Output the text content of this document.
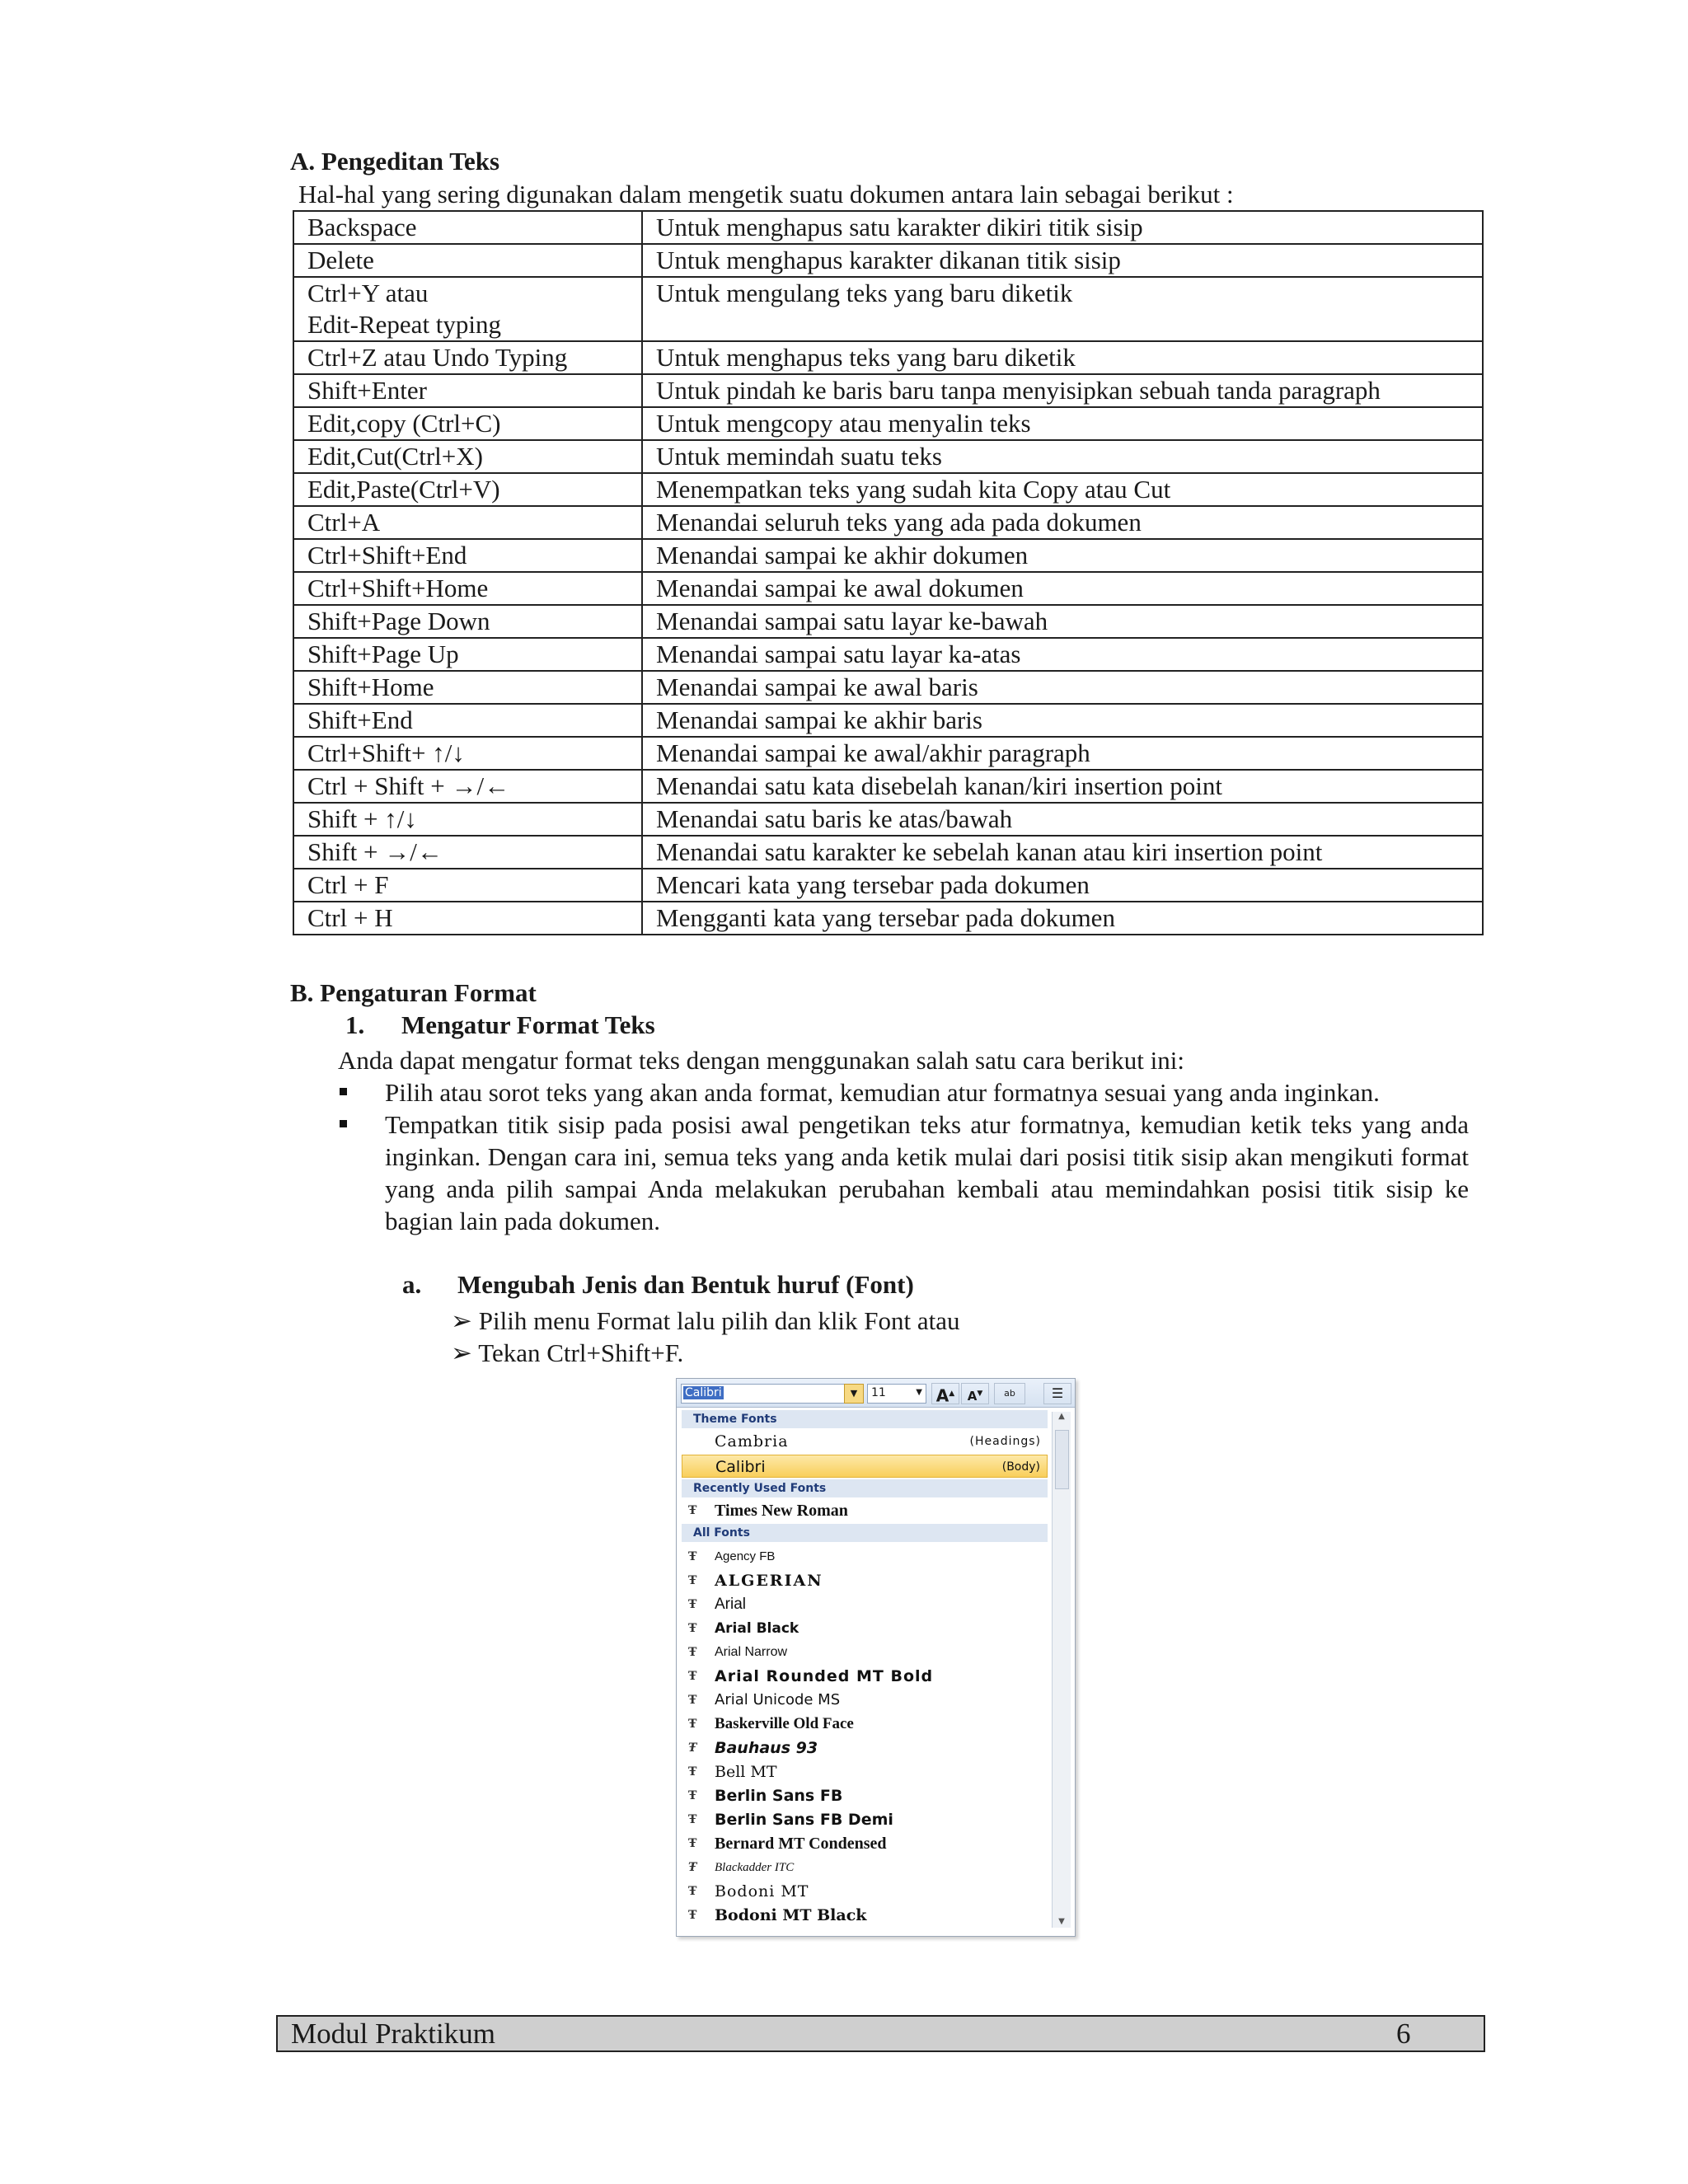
A. Pengeditan Teks
Hal-hal yang sering digunakan dalam mengetik suatu dokumen antara lain sebagai berikut :
Backspace	Untuk menghapus satu karakter dikiri titik sisip

Delete	Untuk menghapus karakter dikanan titik sisip

Ctrl+Y atau
Edit-Repeat typing	Untuk mengulang teks yang baru diketik

Ctrl+Z atau Undo Typing	Untuk menghapus teks yang baru diketik

Shift+Enter	Untuk pindah ke baris baru tanpa menyisipkan sebuah tanda paragraph

Edit,copy (Ctrl+C)	Untuk mengcopy atau menyalin teks

Edit,Cut(Ctrl+X)	Untuk memindah suatu teks

Edit,Paste(Ctrl+V)	Menempatkan teks yang sudah kita Copy atau Cut

Ctrl+A	Menandai seluruh teks yang ada pada dokumen

Ctrl+Shift+End	Menandai sampai ke akhir dokumen

Ctrl+Shift+Home	Menandai sampai ke awal dokumen

Shift+Page Down	Menandai sampai satu layar ke-bawah

Shift+Page Up	Menandai sampai satu layar ka-atas

Shift+Home	Menandai sampai ke awal baris

Shift+End	Menandai sampai ke akhir baris

Ctrl+Shift+ ↑/↓	Menandai sampai ke awal/akhir paragraph

Ctrl + Shift + →/←	Menandai satu kata disebelah kanan/kiri insertion point

Shift + ↑/↓	Menandai satu baris ke atas/bawah

Shift + →/←	Menandai satu karakter ke sebelah kanan atau kiri insertion point

Ctrl + F	Mencari kata yang tersebar pada dokumen

Ctrl + H	Mengganti kata yang tersebar pada dokumen
B. Pengaturan Format
1. Mengatur Format Teks
Anda dapat mengatur format teks dengan menggunakan salah satu cara berikut ini:
Pilih atau sorot teks yang akan anda format, kemudian atur formatnya sesuai yang anda inginkan.
Tempatkan titik sisip pada posisi awal pengetikan teks atur formatnya, kemudian ketik teks yang anda inginkan. Dengan cara ini, semua teks yang anda ketik mulai dari posisi titik sisip akan mengikuti format yang anda pilih sampai Anda melakukan perubahan kembali atau memindahkan posisi titik sisip ke bagian lain pada dokumen.
a. Mengubah Jenis dan Bentuk huruf (Font)
➢ Pilih menu Format lalu pilih dan klik Font atau
➢ Tekan Ctrl+Shift+F.
Calibri	▼	11	▼ A▲	A▼	ab	☰
Theme Fonts
Cambria	(Headings)
Calibri	(Body)
Recently Used Fonts
Ŧ	Times New Roman
All Fonts
Ŧ	Agency FB
Ŧ	ALGERIAN
Ŧ	Arial
Ŧ	Arial Black
Ŧ	Arial Narrow
Ŧ	Arial Rounded MT Bold
Ŧ	Arial Unicode MS
Ŧ	Baskerville Old Face
Ŧ	Bauhaus 93
Ŧ	Bell MT
Ŧ	Berlin Sans FB
Ŧ	Berlin Sans FB Demi
Ŧ	Bernard MT Condensed
Ŧ	Blackadder ITC
Ŧ	Bodoni MT
Ŧ	Bodoni MT Black
▲
▼
Modul Praktikum	6
